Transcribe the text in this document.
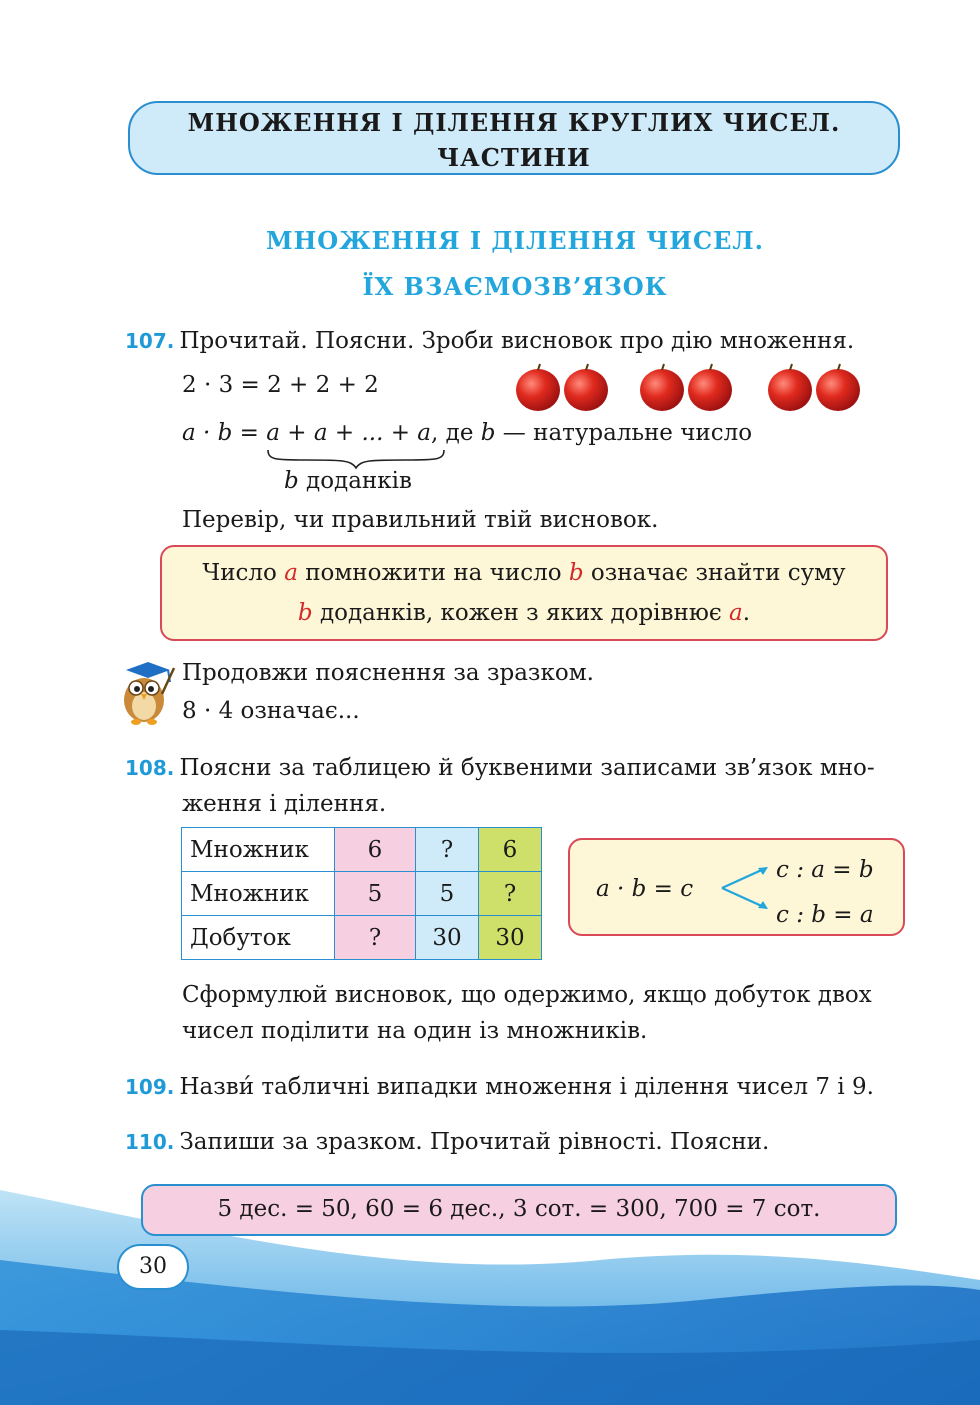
МНОЖЕННЯ І ДІЛЕННЯ КРУГЛИХ ЧИСЕЛ.
ЧАСТИНИ
МНОЖЕННЯ І ДІЛЕННЯ ЧИСЕЛ.
ЇХ ВЗАЄМОЗВ’ЯЗОК
107. Прочитай. Поясни. Зроби висновок про дію множення.
2 · 3 = 2 + 2 + 2
a · b = a + a + ... + a, де b — натуральне число
b доданків
Перевір, чи правильний твій висновок.
Число a помножити на число b означає знайти суму
b доданків, кожен з яких дорівнює a.
Продовжи пояснення за зразком.
8 · 4 означає...
108. Поясни за таблицею й буквеними записами зв’язок мно-
ження і ділення.
Множник	6	?	6
Множник	5	5	?
Добуток	?	30	30
a · b = c
c : a = b
c : b = a
Сформулюй висновок, що одержимо, якщо добуток двох
чисел поділити на один із множників.
109. Назви́ табличні випадки множення і ділення чисел 7 і 9.
110. Запиши за зразком. Прочитай рівності. Поясни.
5 дес. = 50, 60 = 6 дес., 3 сот. = 300, 700 = 7 сот.
30
